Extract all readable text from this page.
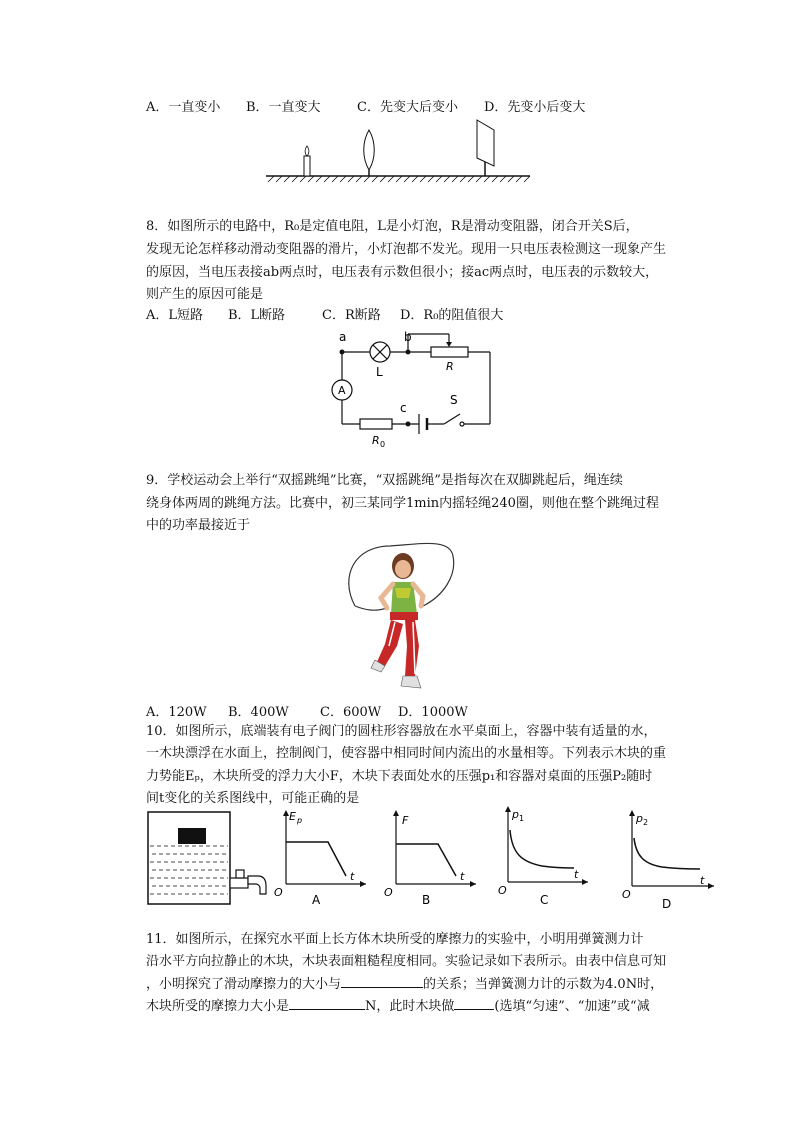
A．一直变小 B．一直变大	C．先变大后变小 D．先变小后变大
8．如图所示的电路中，R₀是定值电阻，L是小灯泡，R是滑动变阻器，闭合开关S后，
发现无论怎样移动滑动变阻器的滑片，小灯泡都不发光。现用一只电压表检测这一现象产生
的原因，当电压表接ab两点时，电压表有示数但很小；接ac两点时，电压表的示数较大，
则产生的原因可能是
A．L短路 B．L断路	C．R断路 D．R₀的阻值很大
a	b
L	R
A
c
S
R 0
9．学校运动会上举行“双摇跳绳”比赛，“双摇跳绳”是指每次在双脚跳起后，绳连续
绕身体两周的跳绳方法。比赛中，初三某同学1min内摇轻绳240圈，则他在整个跳绳过程
中的功率最接近于
A．120W B．400W C．600W D．1000W
10．如图所示，底端装有电子阀门的圆柱形容器放在水平桌面上，容器中装有适量的水，
一木块漂浮在水面上，控制阀门，使容器中相同时间内流出的水量相等。下列表示木块的重
力势能Eₚ，木块所受的浮力大小F，木块下表面处水的压强p₁和容器对桌面的压强P₂随时
间t变化的关系图线中，可能正确的是
E p
t
O
A
F
t
O
B
p 1
t
O
C
p 2
t
O
D
11．如图所示，在探究水平面上长方体木块所受的摩擦力的实验中，小明用弹簧测力计
沿水平方向拉静止的木块，木块表面粗糙程度相同。实验记录如下表所示。由表中信息可知
，小明探究了滑动摩擦力的大小与	的关系；当弹簧测力计的示数为4.0N时，
木块所受的摩擦力大小是	N，此时木块做	(选填“匀速”、“加速”或“减
